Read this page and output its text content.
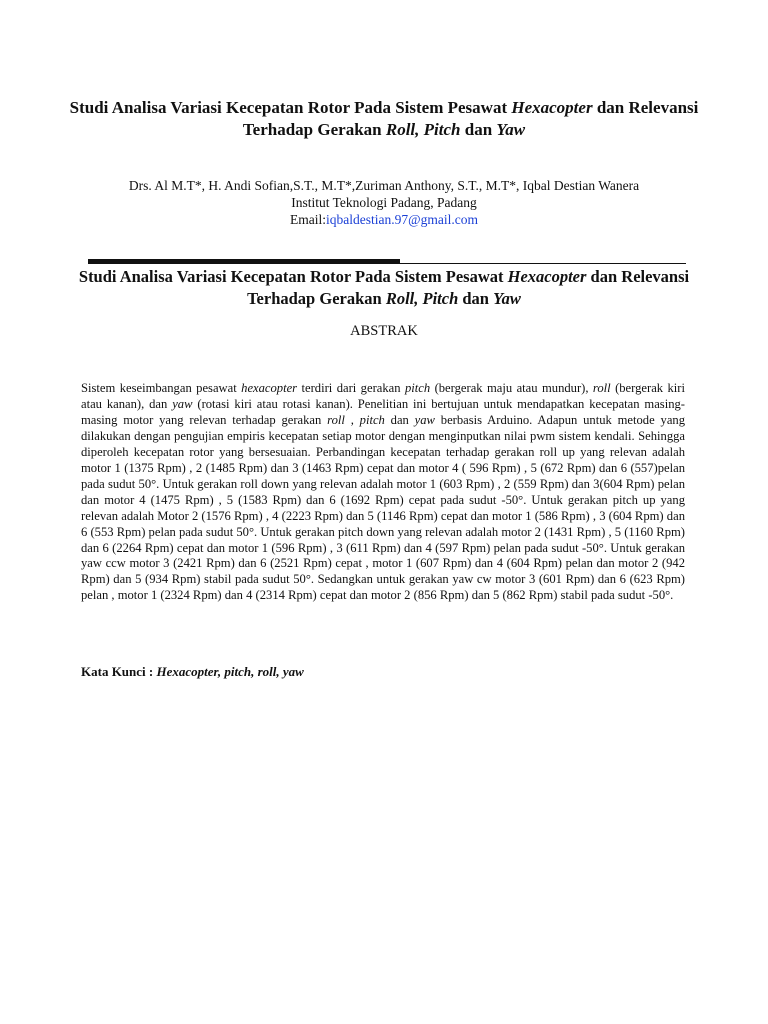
Studi Analisa Variasi Kecepatan Rotor Pada Sistem Pesawat Hexacopter dan Relevansi Terhadap Gerakan Roll, Pitch dan Yaw
Drs. Al M.T*, H. Andi Sofian,S.T., M.T*,Zuriman Anthony, S.T., M.T*, Iqbal Destian Wanera
Institut Teknologi Padang, Padang
Email:iqbaldestian.97@gmail.com
Studi Analisa Variasi Kecepatan Rotor Pada Sistem Pesawat Hexacopter dan Relevansi Terhadap Gerakan Roll, Pitch dan Yaw
ABSTRAK
Sistem keseimbangan pesawat hexacopter terdiri dari gerakan pitch (bergerak maju atau mundur), roll (bergerak kiri atau kanan), dan yaw (rotasi kiri atau rotasi kanan). Penelitian ini bertujuan untuk mendapatkan kecepatan masing-masing motor yang relevan terhadap gerakan roll , pitch dan yaw berbasis Arduino. Adapun untuk metode yang dilakukan dengan pengujian empiris kecepatan setiap motor dengan menginputkan nilai pwm sistem kendali. Sehingga diperoleh kecepatan rotor yang bersesuaian. Perbandingan kecepatan terhadap gerakan roll up yang relevan adalah motor 1 (1375 Rpm) , 2 (1485 Rpm) dan 3 (1463 Rpm) cepat dan motor 4 ( 596 Rpm) , 5 (672 Rpm) dan 6 (557)pelan pada sudut 50°. Untuk gerakan roll down yang relevan adalah motor 1 (603 Rpm) , 2 (559 Rpm) dan 3(604 Rpm) pelan dan motor 4 (1475 Rpm) , 5 (1583 Rpm) dan 6 (1692 Rpm) cepat pada sudut -50°. Untuk gerakan pitch up yang relevan adalah Motor 2 (1576 Rpm) , 4 (2223 Rpm) dan 5 (1146 Rpm) cepat dan motor 1 (586 Rpm) , 3 (604 Rpm) dan 6 (553 Rpm) pelan pada sudut 50°. Untuk gerakan pitch down yang relevan adalah motor 2 (1431 Rpm) , 5 (1160 Rpm) dan 6 (2264 Rpm) cepat dan motor 1 (596 Rpm) , 3 (611 Rpm) dan 4 (597 Rpm) pelan pada sudut -50°. Untuk gerakan yaw ccw motor 3 (2421 Rpm) dan 6 (2521 Rpm) cepat , motor 1 (607 Rpm) dan 4 (604 Rpm) pelan dan motor 2 (942 Rpm) dan 5 (934 Rpm) stabil pada sudut 50°. Sedangkan untuk gerakan yaw cw motor 3 (601 Rpm) dan 6 (623 Rpm) pelan , motor 1 (2324 Rpm) dan 4 (2314 Rpm) cepat dan motor 2 (856 Rpm) dan 5 (862 Rpm) stabil pada sudut -50°.
Kata Kunci : Hexacopter, pitch, roll, yaw
